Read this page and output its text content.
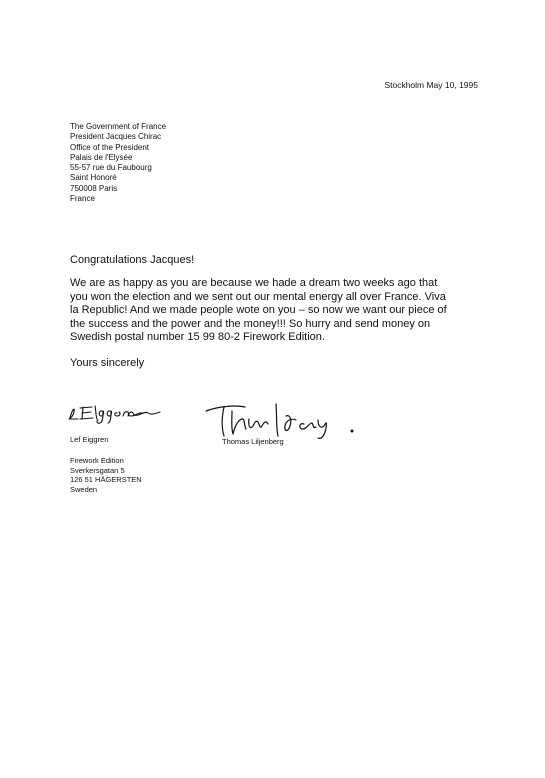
Stockholm May 10, 1995
The Government of France
President Jacques Chirac
Office of the President
Palais de l'Elysée
55-57 rue du Faubourg
Saint Honoré
750008 Paris
France
Congratulations Jacques!
We are as happy as you are because we hade a dream two weeks ago that
you won the election and we sent out our mental energy all over France. Viva
la Republic! And we made people wote on you – so now we want our piece of
the success and the power and the money!!! So hurry and send money on
Swedish postal number 15 99 80-2 Firework Edition.
Yours sincerely
Lef Eiggren	Thomas Liljenberg
Firework Edition
Sverkersgatan 5
126 51 HÄGERSTEN
Sweden
